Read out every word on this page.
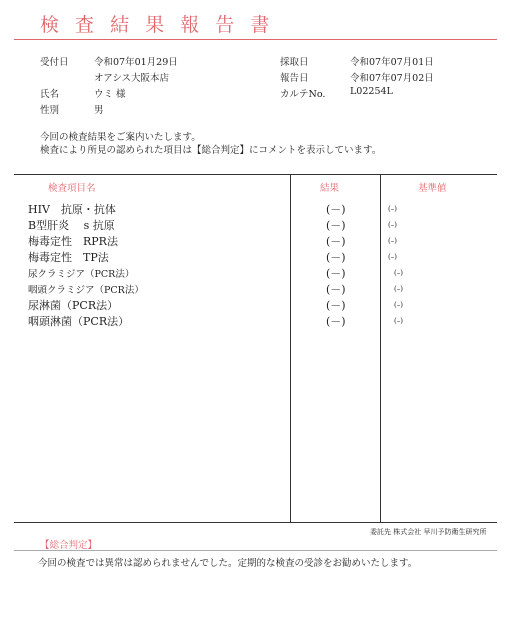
検 査 結 果 報 告 書
受付日	令和07年01月29日
オアシス大阪本店
氏名	ウミ 様
性別	男
採取日	令和07年07月01日
報告日	令和07年07月02日
カルテNo.	L02254L
今回の検査結果をご案内いたします。
検査により所見の認められた項目は【総合判定】にコメントを表示しています。
検査項目名	結果	基準値
HIV　抗原・抗体	(－)	(–)
B型肝炎　 s 抗原	(－)	(–)
梅毒定性　RPR法	(－)	(–)
梅毒定性　TP法	(－)	(–)
尿クラミジア（PCR法）	(－)	(–)
咽頭クラミジア（PCR法）	(－)	(–)
尿淋菌（PCR法）	(－)	(–)
咽頭淋菌（PCR法）	(－)	(–)
委託先 株式会社 早川予防衛生研究所
【総合判定】
今回の検査では異常は認められませんでした。定期的な検査の受診をお勧めいたします。
